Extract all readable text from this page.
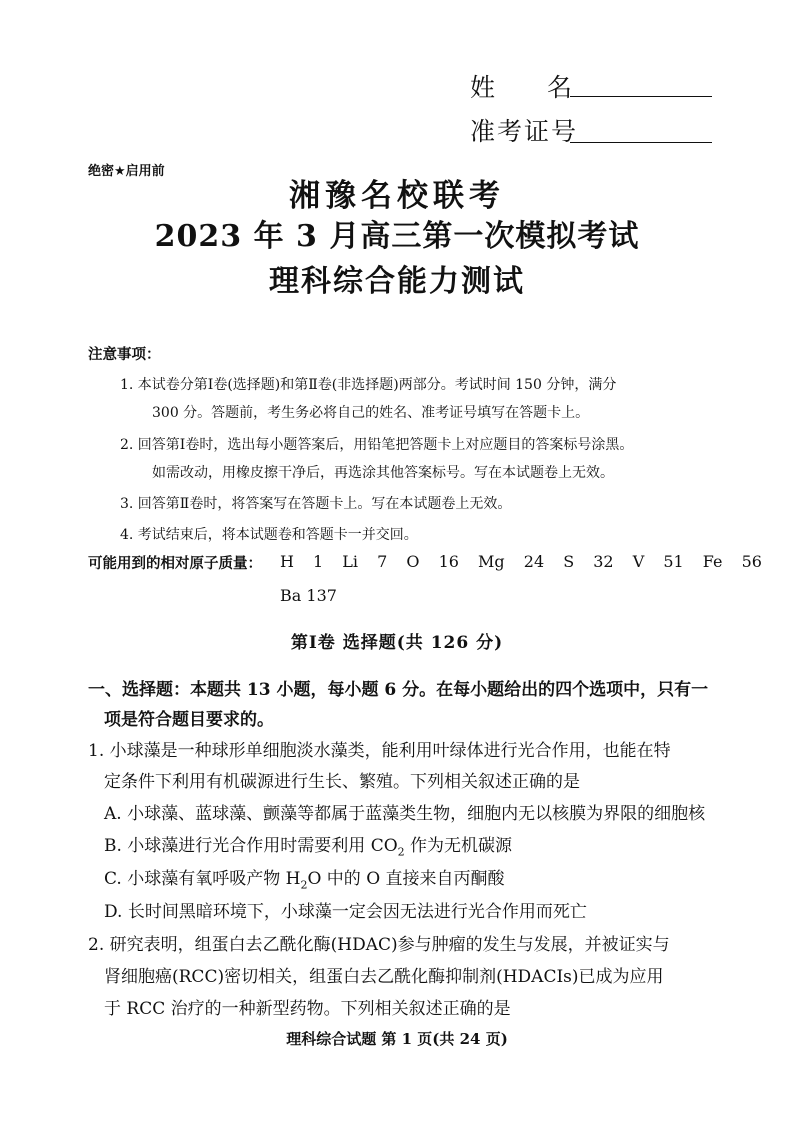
姓 名
准考证号
绝密★启用前
湘豫名校联考
2023 年 3 月高三第一次模拟考试
理科综合能力测试
注意事项：
1. 本试卷分第Ⅰ卷(选择题)和第Ⅱ卷(非选择题)两部分。考试时间 150 分钟，满分
300 分。答题前，考生务必将自己的姓名、准考证号填写在答题卡上。
2. 回答第Ⅰ卷时，选出每小题答案后，用铅笔把答题卡上对应题目的答案标号涂黑。
如需改动，用橡皮擦干净后，再选涂其他答案标号。写在本试题卷上无效。
3. 回答第Ⅱ卷时，将答案写在答题卡上。写在本试题卷上无效。
4. 考试结束后，将本试题卷和答题卡一并交回。
可能用到的相对原子质量： H 1 Li 7 O 16 Mg 24 S 32 V 51 Fe 56
Ba 137
第Ⅰ卷 选择题(共 126 分)
一、选择题：本题共 13 小题，每小题 6 分。在每小题给出的四个选项中，只有一
项是符合题目要求的。
1. 小球藻是一种球形单细胞淡水藻类，能利用叶绿体进行光合作用，也能在特
定条件下利用有机碳源进行生长、繁殖。下列相关叙述正确的是
A. 小球藻、蓝球藻、颤藻等都属于蓝藻类生物，细胞内无以核膜为界限的细胞核
B. 小球藻进行光合作用时需要利用 $CO_2$ 作为无机碳源
C. 小球藻有氧呼吸产物 $H_2O$ 中的 O 直接来自丙酮酸
D. 长时间黑暗环境下，小球藻一定会因无法进行光合作用而死亡
2. 研究表明，组蛋白去乙酰化酶(HDAC)参与肿瘤的发生与发展，并被证实与
肾细胞癌(RCC)密切相关，组蛋白去乙酰化酶抑制剂(HDACIs)已成为应用
于 RCC 治疗的一种新型药物。下列相关叙述正确的是
理科综合试题 第 1 页(共 24 页)
